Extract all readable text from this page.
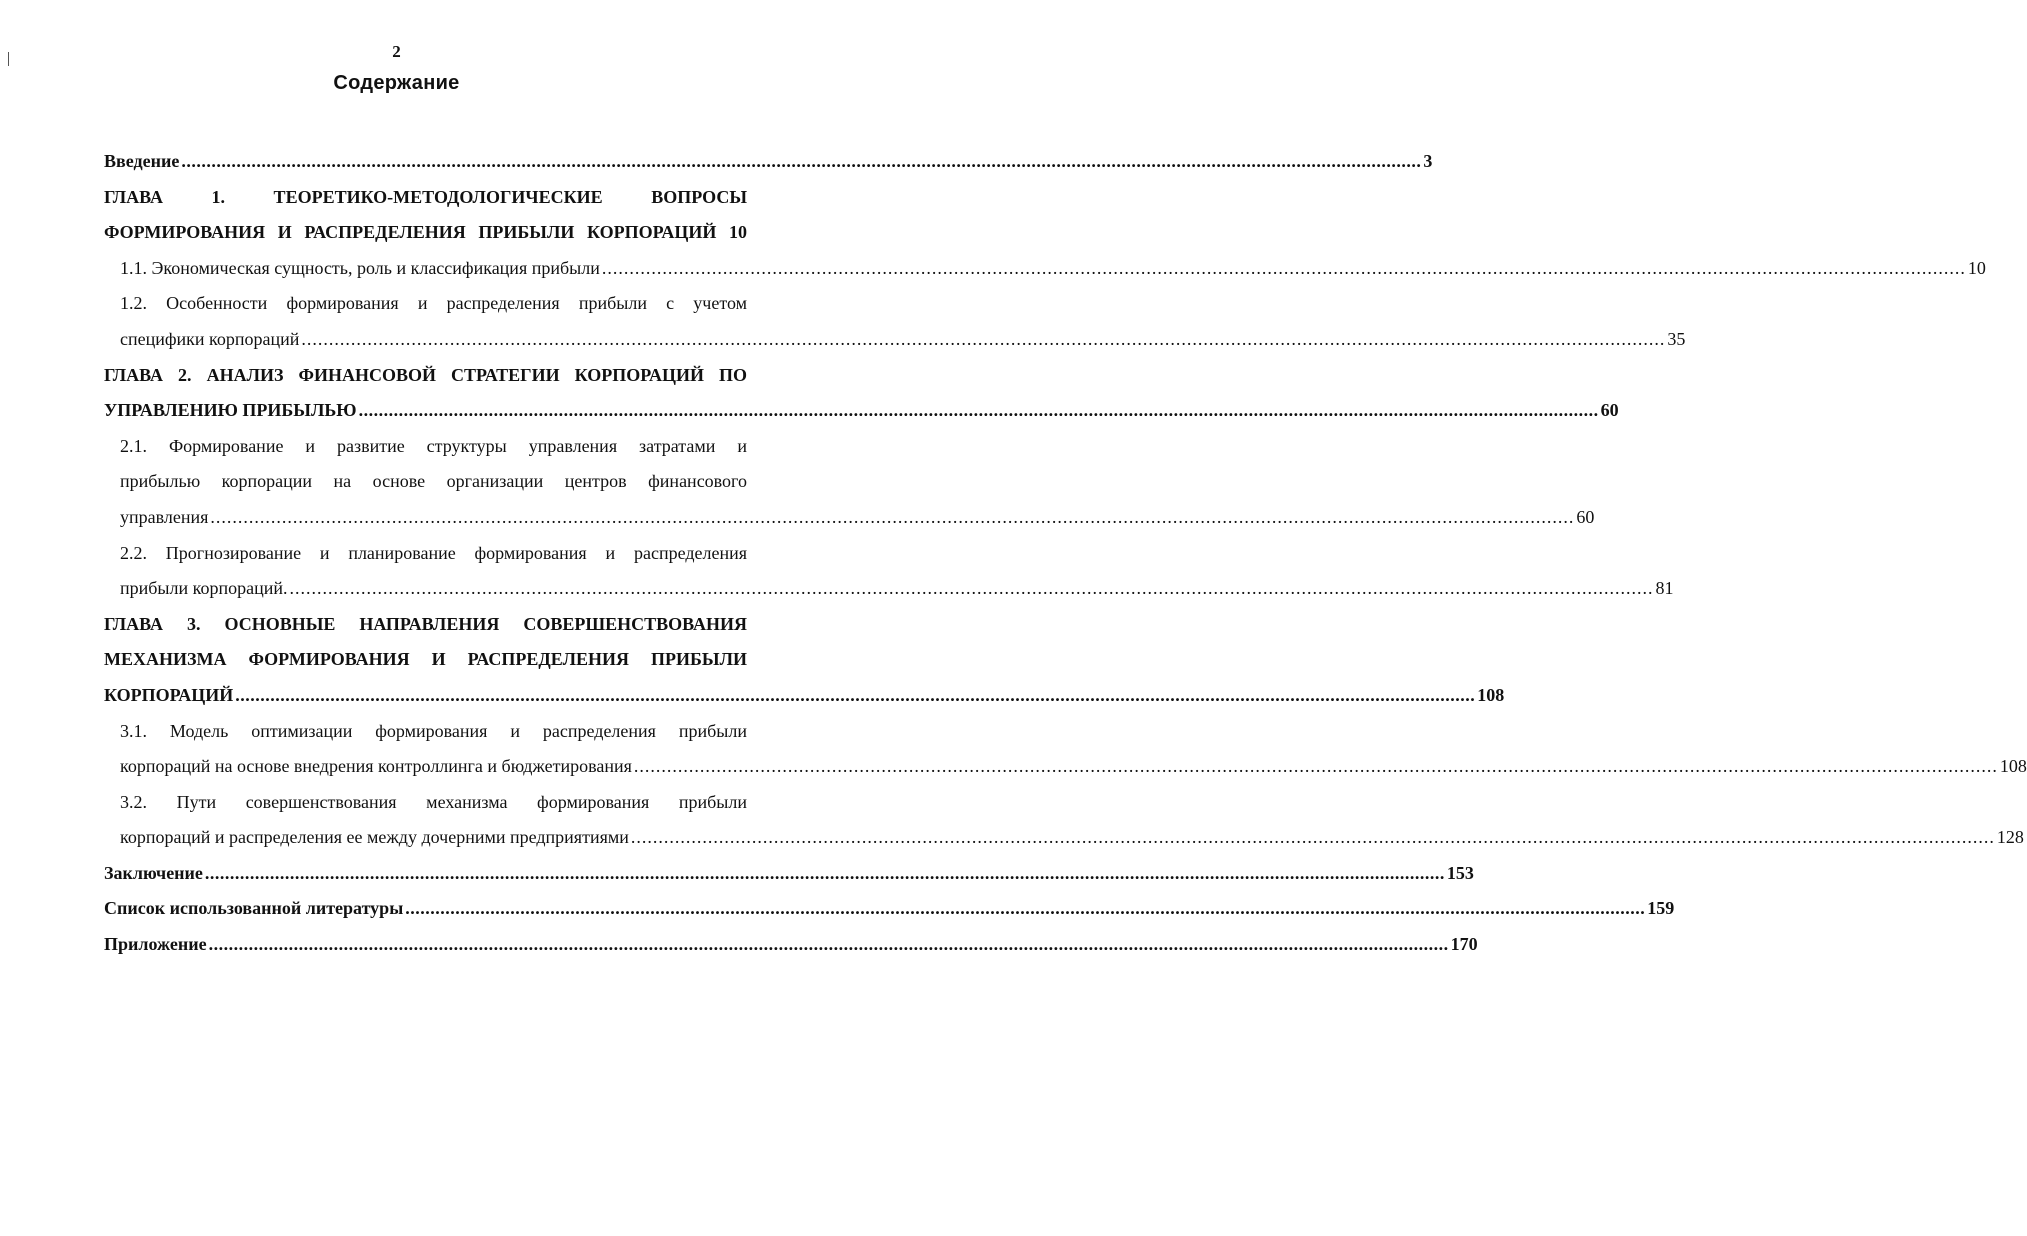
2
Содержание
Введение ........................................................................................................................................................................................................................................................ 3
ГЛАВА 1. ТЕОРЕТИКО-МЕТОДОЛОГИЧЕСКИЕ ВОПРОСЫ
ФОРМИРОВАНИЯ И РАСПРЕДЕЛЕНИЯ ПРИБЫЛИ КОРПОРАЦИЙ 10
1.1. Экономическая сущность, роль и классификация прибыли ........................................................................................................................................................................................................................................................ 10
1.2. Особенности формирования и распределения прибыли с учетом
специфики корпораций ........................................................................................................................................................................................................................................................ 35
ГЛАВА 2. АНАЛИЗ ФИНАНСОВОЙ СТРАТЕГИИ КОРПОРАЦИЙ ПО
УПРАВЛЕНИЮ ПРИБЫЛЬЮ ........................................................................................................................................................................................................................................................ 60
2.1. Формирование и развитие структуры управления затратами и
прибылью корпорации на основе организации центров финансового
управления ........................................................................................................................................................................................................................................................ 60
2.2. Прогнозирование и планирование формирования и распределения
прибыли корпораций. ........................................................................................................................................................................................................................................................ 81
ГЛАВА 3. ОСНОВНЫЕ НАПРАВЛЕНИЯ СОВЕРШЕНСТВОВАНИЯ
МЕХАНИЗМА ФОРМИРОВАНИЯ И РАСПРЕДЕЛЕНИЯ ПРИБЫЛИ
КОРПОРАЦИЙ ........................................................................................................................................................................................................................................................ 108
3.1. Модель оптимизации формирования и распределения прибыли
корпораций на основе внедрения контроллинга и бюджетирования ........................................................................................................................................................................................................................................................ 108
3.2. Пути совершенствования механизма формирования прибыли
корпораций и распределения ее между дочерними предприятиями ........................................................................................................................................................................................................................................................ 128
Заключение ........................................................................................................................................................................................................................................................ 153
Список использованной литературы ........................................................................................................................................................................................................................................................ 159
Приложение ........................................................................................................................................................................................................................................................ 170
